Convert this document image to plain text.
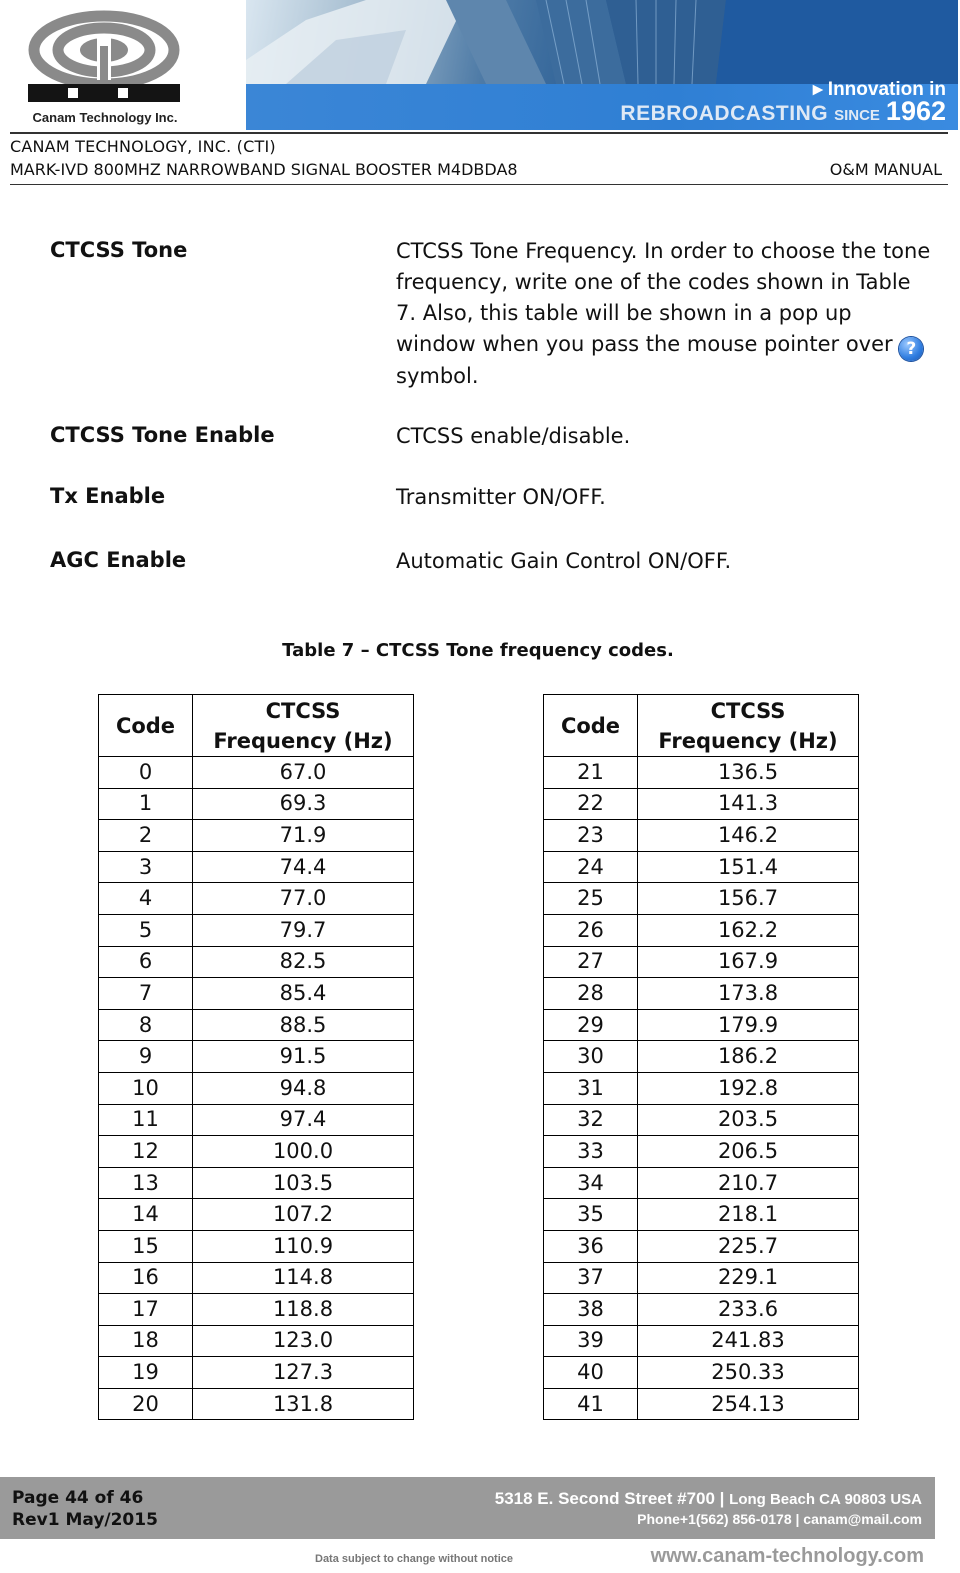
Canam Technology Inc.
▸ Innovation in
REBROADCASTING SINCE 1962
CANAM TECHNOLOGY, INC. (CTI)
MARK-IVD 800MHZ NARROWBAND SIGNAL BOOSTER M4DBDA8	O&M MANUAL
CTCSS Tone	CTCSS Tone Frequency. In order to choose the tone frequency, write one of the codes shown in Table 7. Also, this table will be shown in a pop up window when you pass the mouse pointer over ? symbol.
CTCSS Tone Enable	CTCSS enable/disable.
Tx Enable	Transmitter ON/OFF.
AGC Enable	Automatic Gain Control ON/OFF.
Table 7 – CTCSS Tone frequency codes.
Code	CTCSS
Frequency (Hz)
0	67.0
1	69.3
2	71.9
3	74.4
4	77.0
5	79.7
6	82.5
7	85.4
8	88.5
9	91.5
10	94.8
11	97.4
12	100.0
13	103.5
14	107.2
15	110.9
16	114.8
17	118.8
18	123.0
19	127.3
20	131.8
Code	CTCSS
Frequency (Hz)
21	136.5
22	141.3
23	146.2
24	151.4
25	156.7
26	162.2
27	167.9
28	173.8
29	179.9
30	186.2
31	192.8
32	203.5
33	206.5
34	210.7
35	218.1
36	225.7
37	229.1
38	233.6
39	241.83
40	250.33
41	254.13
Page 44 of 46
Rev1 May/2015
5318 E. Second Street #700 | Long Beach CA 90803 USA
Phone+1(562) 856-0178 | canam@mail.com
Data subject to change without notice	www.canam-technology.com
